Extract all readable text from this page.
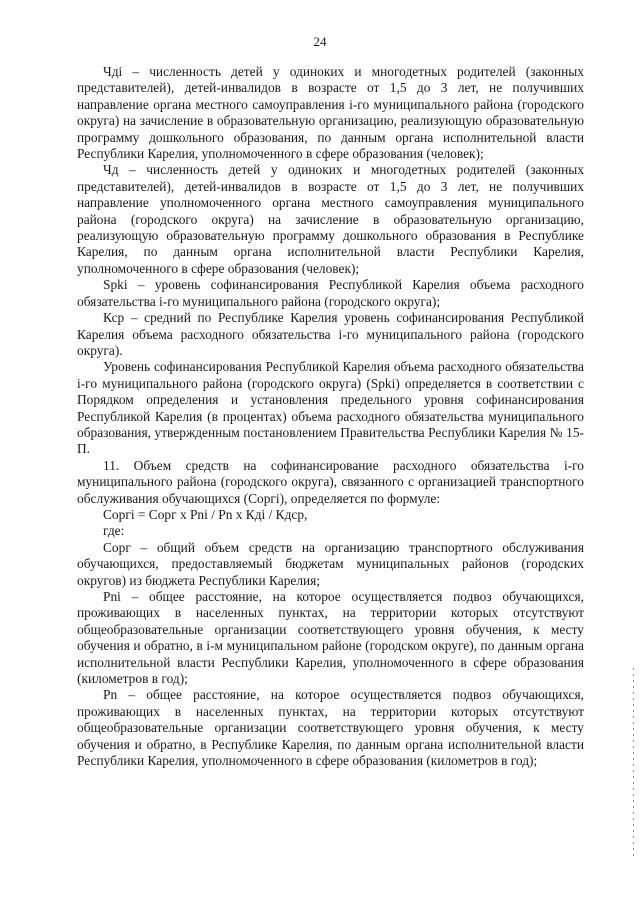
24

Чдi – численность детей у одиноких и многодетных родителей (законных представителей), детей-инвалидов в возрасте от 1,5 до 3 лет, не получивших направление органа местного самоуправления i-го муниципального района (городского округа) на зачисление в образовательную организацию, реализующую образовательную программу дошкольного образования, по данным органа исполнительной власти Республики Карелия, уполномоченного в сфере образования (человек);

Чд – численность детей у одиноких и многодетных родителей (законных представителей), детей-инвалидов в возрасте от 1,5 до 3 лет, не получивших направление уполномоченного органа местного самоуправления муниципального района (городского округа) на зачисление в образовательную организацию, реализующую образовательную программу дошкольного образования в Республике Карелия, по данным органа исполнительной власти Республики Карелия, уполномоченного в сфере образования (человек);

Spki – уровень софинансирования Республикой Карелия объема расходного обязательства i-го муниципального района (городского округа);

Кср – средний по Республике Карелия уровень софинансирования Республикой Карелия объема расходного обязательства i-го муниципального района (городского округа).

Уровень софинансирования Республикой Карелия объема расходного обязательства i-го муниципального района (городского округа) (Spki) определяется в соответствии с Порядком определения и установления предельного уровня софинансирования Республикой Карелия (в процентах) объема расходного обязательства муниципального образования, утвержденным постановлением Правительства Республики Карелия № 15-П.

11. Объем средств на софинансирование расходного обязательства i-го муниципального района (городского округа), связанного с организацией транспортного обслуживания обучающихся (Соргi), определяется по формуле:

Соргi = Сорг x Pni / Pn x Кдi / Кдср,

где:

Сорг – общий объем средств на организацию транспортного обслуживания обучающихся, предоставляемый бюджетам муниципальных районов (городских округов) из бюджета Республики Карелия;

Pni – общее расстояние, на которое осуществляется подвоз обучающихся, проживающих в населенных пунктах, на территории которых отсутствуют общеобразовательные организации соответствующего уровня обучения, к месту обучения и обратно, в i-м муниципальном районе (городском округе), по данным органа исполнительной власти Республики Карелия, уполномоченного в сфере образования (километров в год);

Pn – общее расстояние, на которое осуществляется подвоз обучающихся, проживающих в населенных пунктах, на территории которых отсутствуют общеобразовательные организации соответствующего уровня обучения, к месту обучения и обратно, в Республике Карелия, по данным органа исполнительной власти Республики Карелия, уполномоченного в сфере образования (километров в год);
